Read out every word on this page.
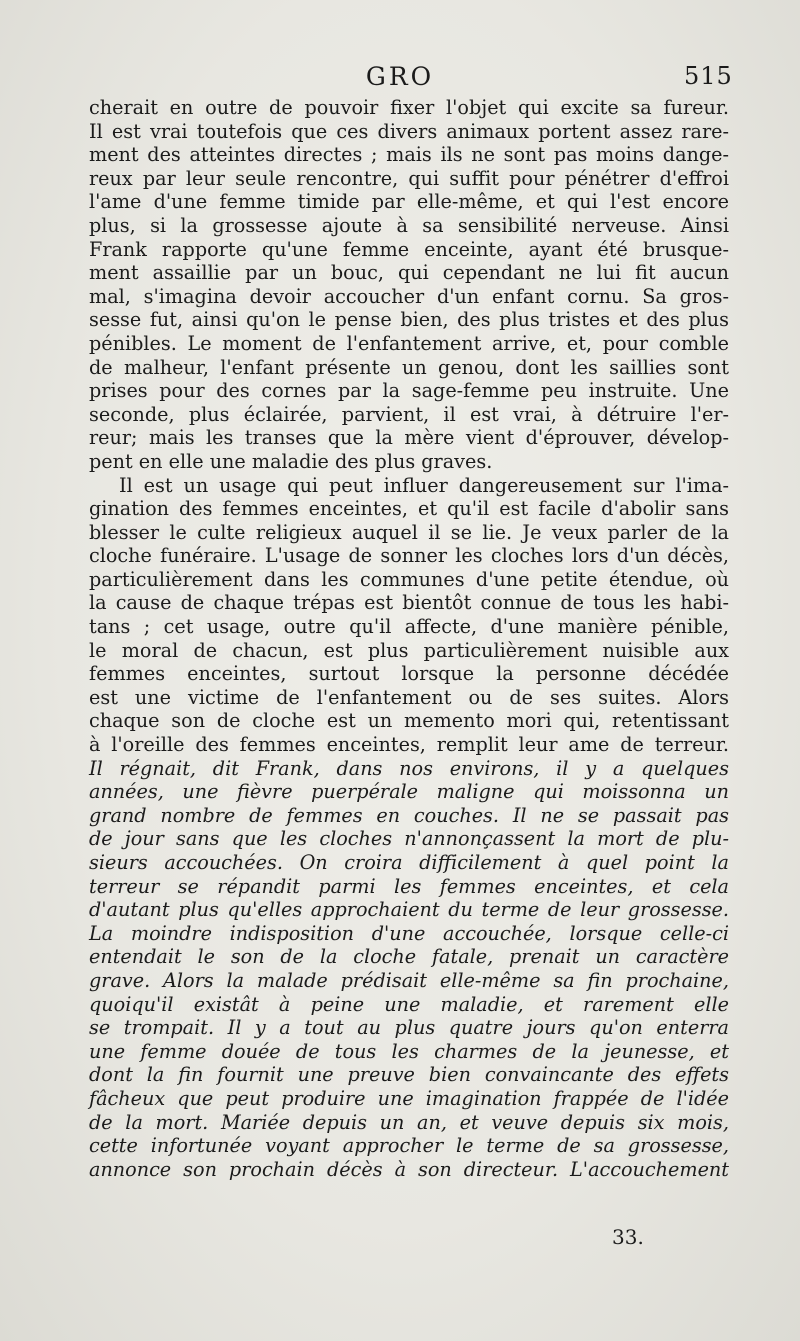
GRO	515
cherait en outre de pouvoir fixer l'objet qui excite sa fureur.
Il est vrai toutefois que ces divers animaux portent assez rare-
ment des atteintes directes ; mais ils ne sont pas moins dange-
reux par leur seule rencontre, qui suffit pour pénétrer d'effroi
l'ame d'une femme timide par elle-même, et qui l'est encore
plus, si la grossesse ajoute à sa sensibilité nerveuse. Ainsi
Frank rapporte qu'une femme enceinte, ayant été brusque-
ment assaillie par un bouc, qui cependant ne lui fit aucun
mal, s'imagina devoir accoucher d'un enfant cornu. Sa gros-
sesse fut, ainsi qu'on le pense bien, des plus tristes et des plus
pénibles. Le moment de l'enfantement arrive, et, pour comble
de malheur, l'enfant présente un genou, dont les saillies sont
prises pour des cornes par la sage-femme peu instruite. Une
seconde, plus éclairée, parvient, il est vrai, à détruire l'er-
reur; mais les transes que la mère vient d'éprouver, dévelop-
pent en elle une maladie des plus graves.
Il est un usage qui peut influer dangereusement sur l'ima-
gination des femmes enceintes, et qu'il est facile d'abolir sans
blesser le culte religieux auquel il se lie. Je veux parler de la
cloche funéraire. L'usage de sonner les cloches lors d'un décès,
particulièrement dans les communes d'une petite étendue, où
la cause de chaque trépas est bientôt connue de tous les habi-
tans ; cet usage, outre qu'il affecte, d'une manière pénible,
le moral de chacun, est plus particulièrement nuisible aux
femmes enceintes, surtout lorsque la personne décédée
est une victime de l'enfantement ou de ses suites. Alors
chaque son de cloche est un memento mori qui, retentissant
à l'oreille des femmes enceintes, remplit leur ame de terreur.
Il régnait, dit Frank, dans nos environs, il y a quelques
années, une fièvre puerpérale maligne qui moissonna un
grand nombre de femmes en couches. Il ne se passait pas
de jour sans que les cloches n'annonçassent la mort de plu-
sieurs accouchées. On croira difficilement à quel point la
terreur se répandit parmi les femmes enceintes, et cela
d'autant plus qu'elles approchaient du terme de leur grossesse.
La moindre indisposition d'une accouchée, lorsque celle-ci
entendait le son de la cloche fatale, prenait un caractère
grave. Alors la malade prédisait elle-même sa fin prochaine,
quoiqu'il existât à peine une maladie, et rarement elle
se trompait. Il y a tout au plus quatre jours qu'on enterra
une femme douée de tous les charmes de la jeunesse, et
dont la fin fournit une preuve bien convaincante des effets
fâcheux que peut produire une imagination frappée de l'idée
de la mort. Mariée depuis un an, et veuve depuis six mois,
cette infortunée voyant approcher le terme de sa grossesse,
annonce son prochain décès à son directeur. L'accouchement
33.
